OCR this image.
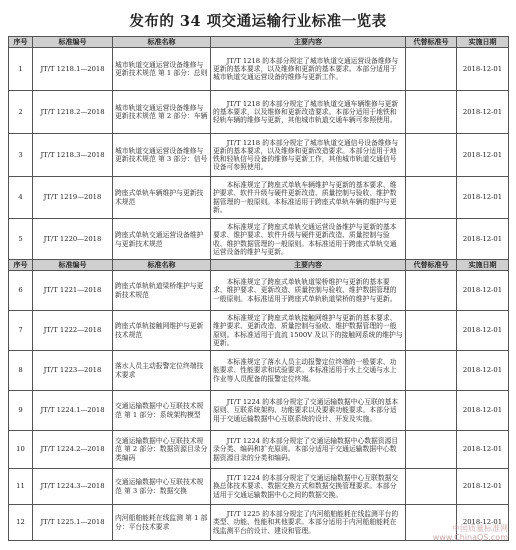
发布的 34 项交通运输行业标准一览表
序号	标准编号	标准名称	主要内容	代替标准号	实施日期
1	JT/T 1218.1—2018	城市轨道交通运营设备维修与更新技术规范 第 1 部分：总则	JT/T 1218 的本部分规定了城市轨道交通运营设备维修与更新的基本要求，以及维修和更新的基本要求。本部分适用于城市轨道交通运营设备的维修与更新工作。		2018-12-01
2	JT/T 1218.2—2018	城市轨道交通运营设备维修与更新技术规范 第 2 部分：车辆	JT/T 1218 的本部分规定了城市轨道交通车辆维修与更新的基本要求，以及维修和更新改造要求。本部分适用于地铁和轻轨车辆的维修与更新，其他城市轨道交通车辆可参照使用。		2018-12-01
3	JT/T 1218.3—2018	城市轨道交通运营设备维修与更新技术规范 第 3 部分：信号	JT/T 1218 的本部分规定了城市轨道交通信号设备维修与更新的基本要求，以及维修和更新改造要求。本部分适用于地铁和轻轨信号设备的维修与更新工作，其他城市轨道交通信号设备可参照使用。		2018-12-01
4	JT/T 1219—2018	跨座式单轨车辆维护与更新技术规范	本标准规定了跨座式单轨车辆维护与更新的基本要求、维护要求、软件升级与硬件更新改造、质量控制与验收、维护数据管理的一般原则。本标准适用于跨座式单轨车辆的维护与更新。		2018-12-01
5	JT/T 1220—2018	跨座式单轨交通运营设备维护与更新技术规范	本标准规定了跨座式单轨交通运营设备维护与更新的基本要求、维护要求、软件升级与硬件更新改造、质量控制与验收、维护数据管理的一般原则。本标准适用于跨座式单轨交通运营设备的维护与更新。		2018-12-01
序号	标准编号	标准名称	主要内容	代替标准号	实施日期
6	JT/T 1221—2018	跨座式单轨轨道梁桥维护与更新技术规范	本标准规定了跨座式单轨轨道梁桥维护与更新的基本要求、维护要求、更新改造、质量控制与验收、维护数据管理的一般原则。本标准适用于跨座式单轨轨道梁桥的维护与更新。		2018-12-01
7	JT/T 1222—2018	跨座式单轨接触网维护与更新技术规范	本标准规定了跨座式单轨接触网维护与更新的基本要求、维护要求、更新改造、质量控制与验收、维护数据管理的一般原则。本标准适用于直流 1500V 及以下的接触网系统的维护与更新。		2018-12-01
8	JT/T 1223—2018	落水人员主动报警定位终端技术要求	本标准规定了落水人员主动报警定位终端的一般要求、功能要求、性能要求和试验要求。本标准适用于水上交通与水上作业等人员配备的报警定位终端。		2018-12-01
9	JT/T 1224.1—2018	交通运输数据中心互联技术规范 第 1 部分：系统架构模型	JT/T 1224 的本部分规定了交通运输数据中心互联的基本原则、互联系统架构、功能要求以及要素功能要求。本部分适用于交通运输数据中心互联系统的设计、开发及实施。		2018-12-01
10	JT/T 1224.2—2018	交通运输数据中心互联技术规范 第 2 部分：数据资源目录分类编码	JT/T 1224 的本部分规定了交通运输数据中心数据资源目录分类、编码和扩充原则。本部分适用于交通运输数据中心数据资源目录的分类和编码。		2018-12-01
11	JT/T 1224.3—2018	交通运输数据中心互联技术规范 第 3 部分：数据交换	JT/T 1224 的本部分规定了交通运输数据中心互联数据交换总体技术要求、数据交换方式和数据交换管理要求。本部分适用于交通运输数据中心之间的数据交换。		2018-12-01
12	JT/T 1225.1—2018	内河船舶能耗在线监测 第 1 部分：平台技术要求	JT/T 1225 的本部分规定了内河船舶能耗在线监测平台的类型、功能、性能和其他要求。本部分适用于内河船舶能耗在线监测平台的设计、建设和管理。		2018-12-01
中国质量标准网
www.ChinaQS.com
